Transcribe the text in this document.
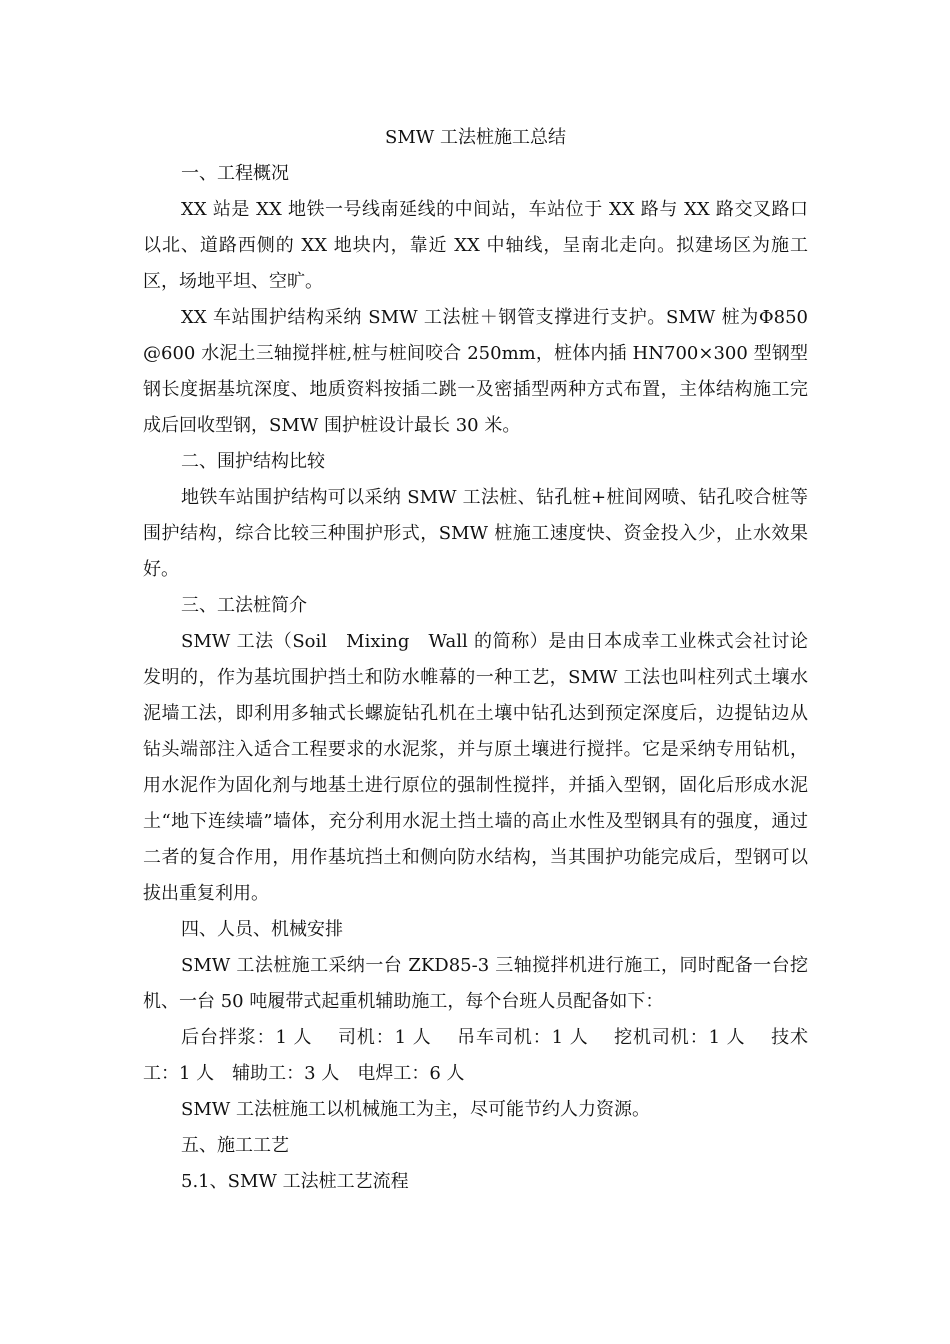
SMW 工法桩施工总结

一、工程概况

XX 站是 XX 地铁一号线南延线的中间站，车站位于 XX 路与 XX 路交叉路口以北、道路西侧的 XX 地块内，靠近 XX 中轴线，呈南北走向。拟建场区为施工区，场地平坦、空旷。

XX 车站围护结构采纳 SMW 工法桩＋钢管支撑进行支护。SMW 桩为Φ850@600 水泥土三轴搅拌桩,桩与桩间咬合 250mm，桩体内插 HN700×300 型钢型钢长度据基坑深度、地质资料按插二跳一及密插型两种方式布置，主体结构施工完成后回收型钢，SMW 围护桩设计最长 30 米。

二、围护结构比较

地铁车站围护结构可以采纳 SMW 工法桩、钻孔桩+桩间网喷、钻孔咬合桩等围护结构，综合比较三种围护形式，SMW 桩施工速度快、资金投入少，止水效果好。

三、工法桩简介

SMW 工法（Soil　Mixing　Wall 的简称）是由日本成幸工业株式会社讨论发明的，作为基坑围护挡土和防水帷幕的一种工艺，SMW 工法也叫柱列式土壤水泥墙工法，即利用多轴式长螺旋钻孔机在土壤中钻孔达到预定深度后，边提钻边从钻头端部注入适合工程要求的水泥浆，并与原土壤进行搅拌。它是采纳专用钻机，用水泥作为固化剂与地基土进行原位的强制性搅拌，并插入型钢，固化后形成水泥土“地下连续墙”墙体，充分利用水泥土挡土墙的高止水性及型钢具有的强度，通过二者的复合作用，用作基坑挡土和侧向防水结构，当其围护功能完成后，型钢可以拔出重复利用。

四、人员、机械安排

SMW 工法桩施工采纳一台 ZKD85-3 三轴搅拌机进行施工，同时配备一台挖机、一台 50 吨履带式起重机辅助施工，每个台班人员配备如下：

后台拌浆：1 人　 司机：1 人　 吊车司机：1 人　 挖机司机：1 人　 技术工：1 人　辅助工：3 人　电焊工：6 人

SMW 工法桩施工以机械施工为主，尽可能节约人力资源。

五、施工工艺

5.1、SMW 工法桩工艺流程
